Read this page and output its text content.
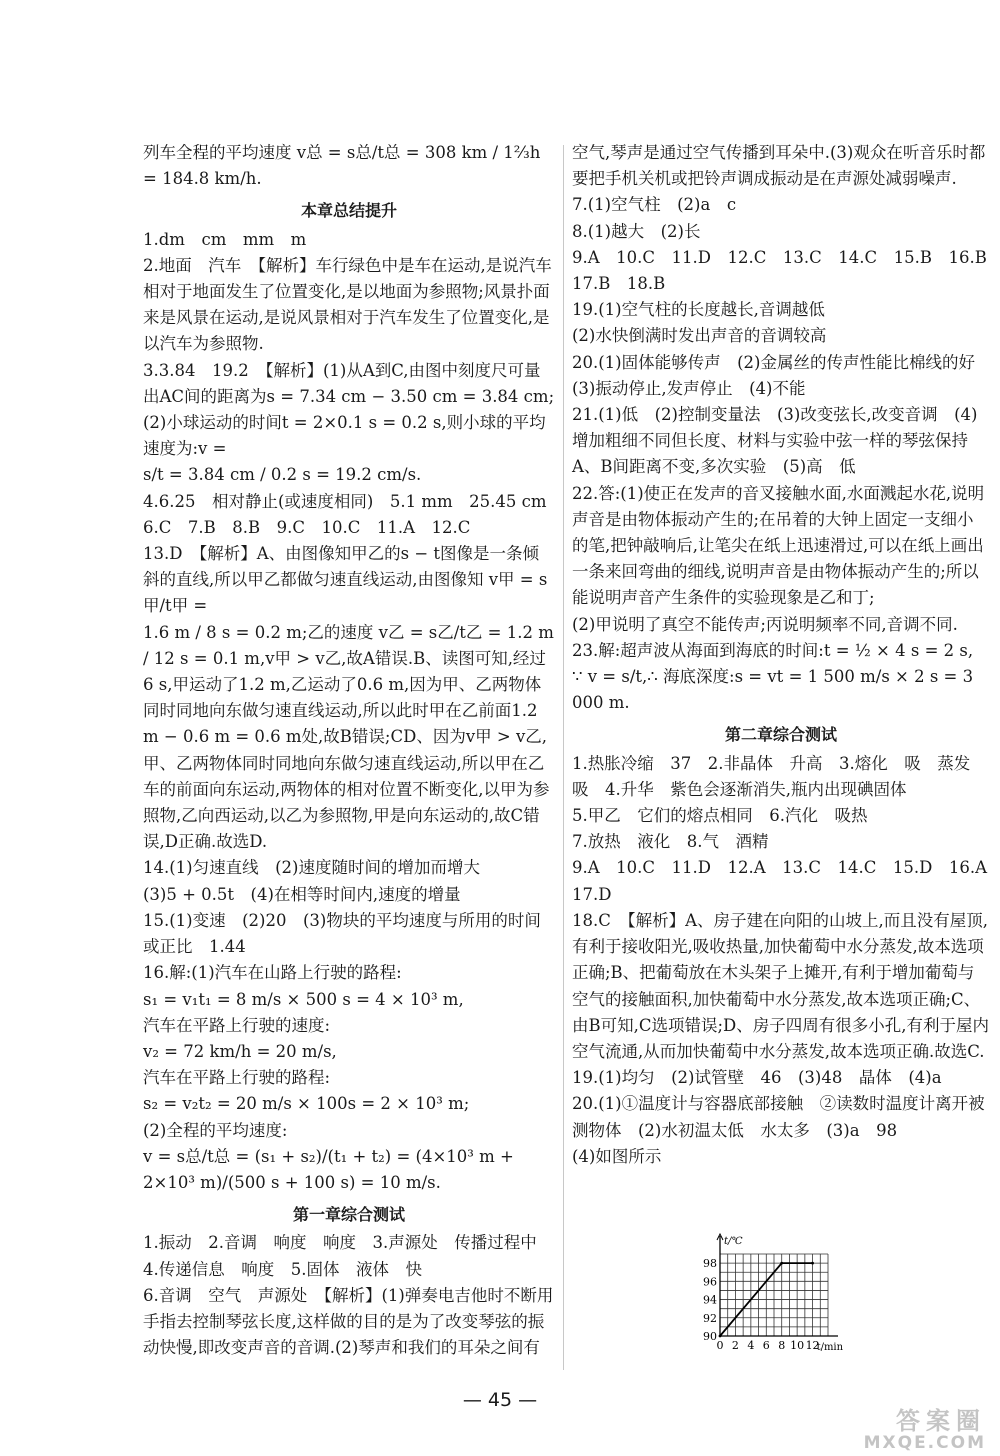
列车全程的平均速度 v总 = s总/t总 = 308 km / 1⅔h = 184.8 km/h.

本章总结提升

1.dm　cm　mm　m

2.地面　汽车　【解析】车行绿色中是车在运动,是说汽车相对于地面发生了位置变化,是以地面为参照物;风景扑面来是风景在运动,是说风景相对于汽车发生了位置变化,是以汽车为参照物.

3.3.84　19.2　【解析】(1)从A到C,由图中刻度尺可量出AC间的距离为s = 7.34 cm − 3.50 cm = 3.84 cm;(2)小球运动的时间t = 2×0.1 s = 0.2 s,则小球的平均速度为:v =

s/t = 3.84 cm / 0.2 s = 19.2 cm/s.

4.6.25　相对静止(或速度相同)　5.1 mm　25.45 cm

6.C　7.B　8.B　9.C　10.C　11.A　12.C

13.D　【解析】A、由图像知甲乙的s − t图像是一条倾斜的直线,所以甲乙都做匀速直线运动,由图像知 v甲 = s甲/t甲 =

1.6 m / 8 s = 0.2 m;乙的速度 v乙 = s乙/t乙 = 1.2 m / 12 s = 0.1 m,v甲 > v乙,故A错误.B、读图可知,经过6 s,甲运动了1.2 m,乙运动了0.6 m,因为甲、乙两物体同时同地向东做匀速直线运动,所以此时甲在乙前面1.2 m − 0.6 m = 0.6 m处,故B错误;CD、因为v甲 > v乙,甲、乙两物体同时同地向东做匀速直线运动,所以甲在乙车的前面向东运动,两物体的相对位置不断变化,以甲为参照物,乙向西运动,以乙为参照物,甲是向东运动的,故C错误,D正确.故选D.

14.(1)匀速直线　(2)速度随时间的增加而增大

(3)5 + 0.5t　(4)在相等时间内,速度的增量

15.(1)变速　(2)20　(3)物块的平均速度与所用的时间或正比　1.44

16.解:(1)汽车在山路上行驶的路程:

s₁ = v₁t₁ = 8 m/s × 500 s = 4 × 10³ m,

汽车在平路上行驶的速度:

v₂ = 72 km/h = 20 m/s,

汽车在平路上行驶的路程:

s₂ = v₂t₂ = 20 m/s × 100s = 2 × 10³ m;

(2)全程的平均速度:

v = s总/t总 = (s₁ + s₂)/(t₁ + t₂) = (4×10³ m + 2×10³ m)/(500 s + 100 s) = 10 m/s.

第一章综合测试

1.振动　2.音调　响度　响度　3.声源处　传播过程中

4.传递信息　响度　5.固体　液体　快

6.音调　空气　声源处　【解析】(1)弹奏电吉他时不断用手指去控制琴弦长度,这样做的目的是为了改变琴弦的振动快慢,即改变声音的音调.(2)琴声和我们的耳朵之间有

空气,琴声是通过空气传播到耳朵中.(3)观众在听音乐时都要把手机关机或把铃声调成振动是在声源处减弱噪声.

7.(1)空气柱　(2)a　c

8.(1)越大　(2)长

9.A　10.C　11.D　12.C　13.C　14.C　15.B　16.B

17.B　18.B

19.(1)空气柱的长度越长,音调越低

(2)水快倒满时发出声音的音调较高

20.(1)固体能够传声　(2)金属丝的传声性能比棉线的好　(3)振动停止,发声停止　(4)不能

21.(1)低　(2)控制变量法　(3)改变弦长,改变音调　(4)增加粗细不同但长度、材料与实验中弦一样的琴弦保持A、B间距离不变,多次实验　(5)高　低

22.答:(1)使正在发声的音叉接触水面,水面溅起水花,说明声音是由物体振动产生的;在吊着的大钟上固定一支细小的笔,把钟敲响后,让笔尖在纸上迅速滑过,可以在纸上画出一条来回弯曲的细线,说明声音是由物体振动产生的;所以能说明声音产生条件的实验现象是乙和丁;

(2)甲说明了真空不能传声;丙说明频率不同,音调不同.

23.解:超声波从海面到海底的时间:t = ½ × 4 s = 2 s,

∵ v = s/t,∴ 海底深度:s = vt = 1 500 m/s × 2 s = 3 000 m.

第二章综合测试

1.热胀冷缩　37　2.非晶体　升高　3.熔化　吸　蒸发　吸　4.升华　紫色会逐渐消失,瓶内出现碘固体

5.甲乙　它们的熔点相同　6.汽化　吸热

7.放热　液化　8.气　酒精

9.A　10.C　11.D　12.A　13.C　14.C　15.D　16.A

17.D

18.C　【解析】A、房子建在向阳的山坡上,而且没有屋顶,有利于接收阳光,吸收热量,加快葡萄中水分蒸发,故本选项正确;B、把葡萄放在木头架子上摊开,有利于增加葡萄与空气的接触面积,加快葡萄中水分蒸发,故本选项正确;C、由B可知,C选项错误;D、房子四周有很多小孔,有利于屋内空气流通,从而加快葡萄中水分蒸发,故本选项正确.故选C.

19.(1)均匀　(2)试管壁　46　(3)48　晶体　(4)a

20.(1)①温度计与容器底部接触　②读数时温度计离开被测物体　(2)水初温太低　水太多　(3)a　98

(4)如图所示

t/℃
t/min
0 2 4 6 8 10 12
90
92
94
96
98
— 45 —
答案圈
MXQE.COM
